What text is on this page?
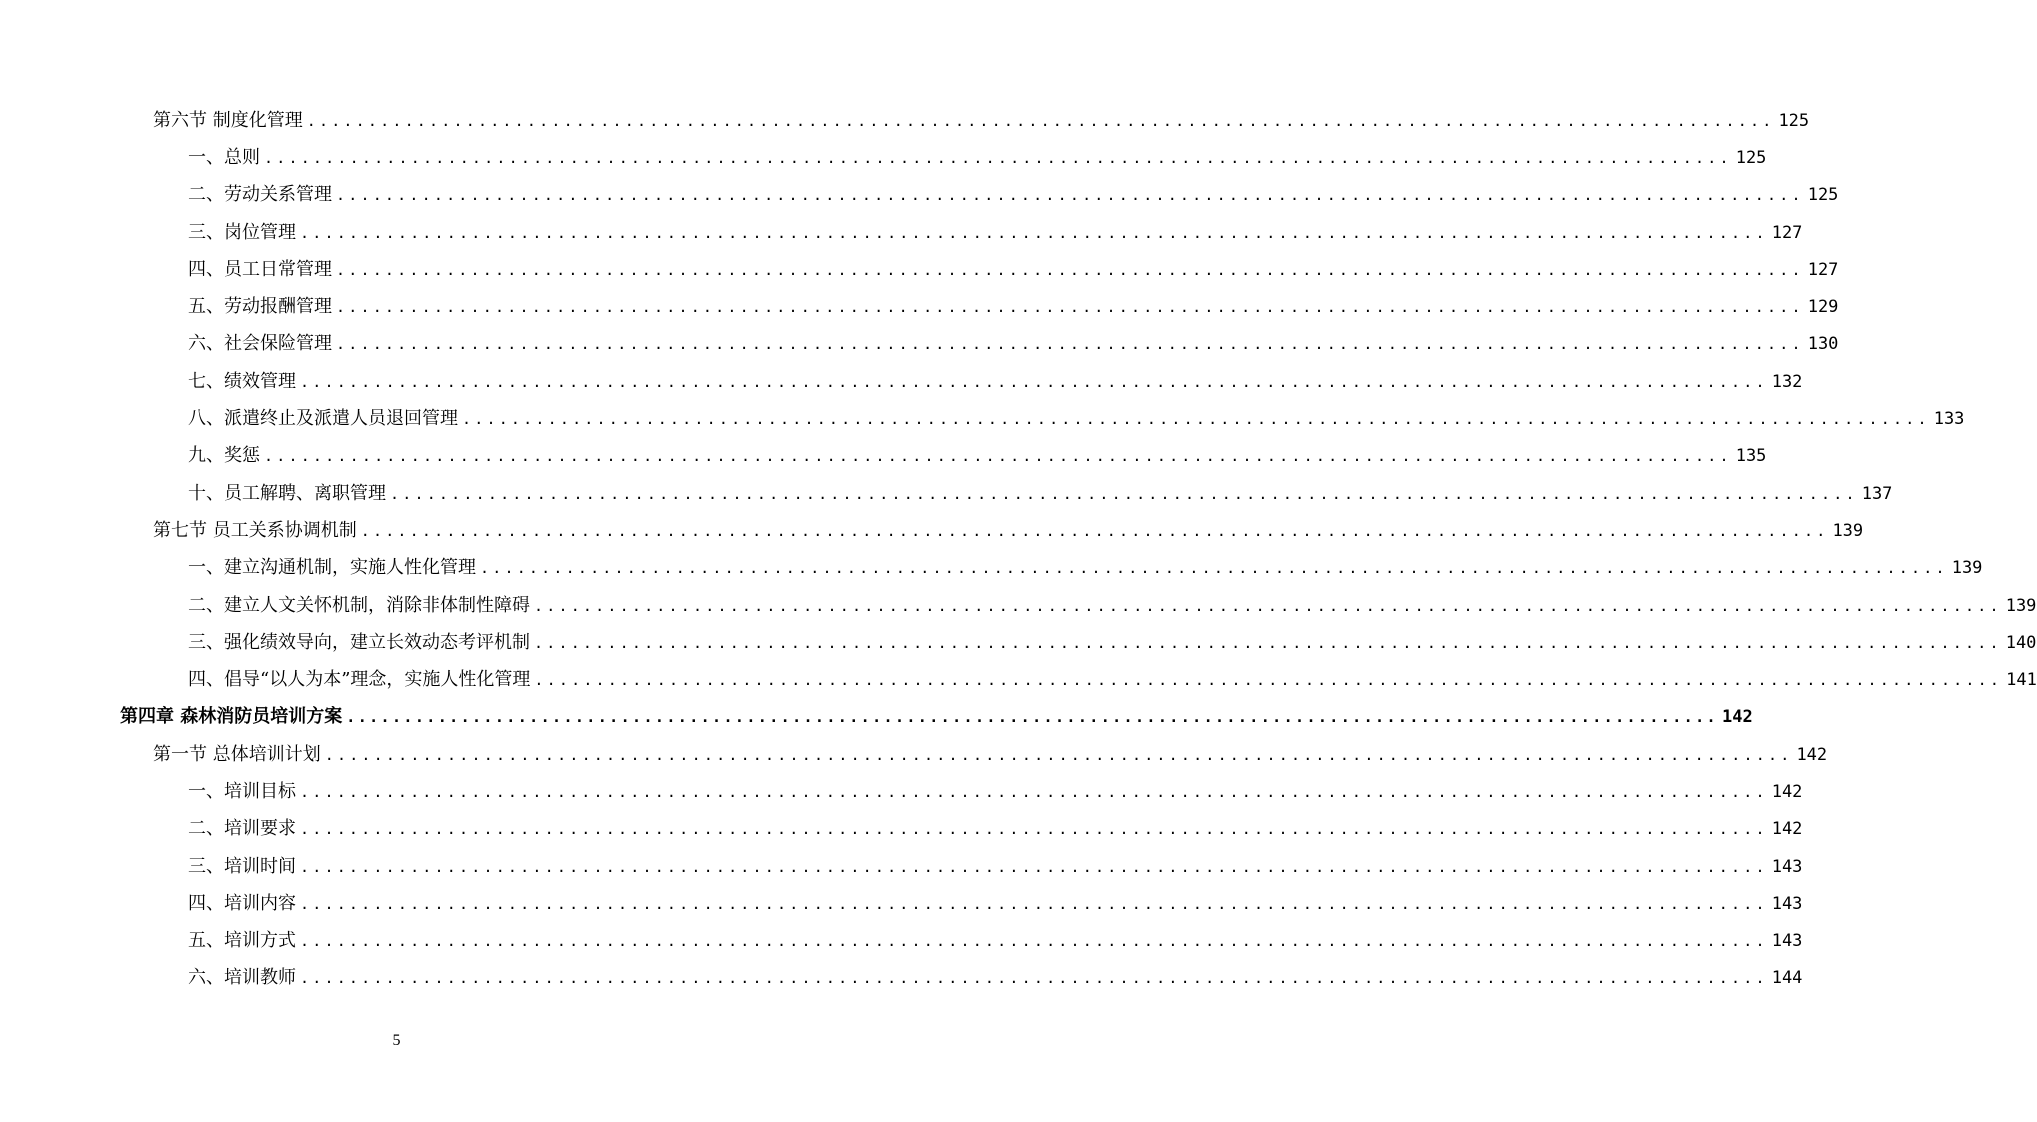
第六节 制度化管理 ........................................................................................................................ 125
一、总则 ........................................................................................................................ 125
二、劳动关系管理 ........................................................................................................................ 125
三、岗位管理 ........................................................................................................................ 127
四、员工日常管理 ........................................................................................................................ 127
五、劳动报酬管理 ........................................................................................................................ 129
六、社会保险管理 ........................................................................................................................ 130
七、绩效管理 ........................................................................................................................ 132
八、派遣终止及派遣人员退回管理 ........................................................................................................................ 133
九、奖惩 ........................................................................................................................ 135
十、员工解聘、离职管理 ........................................................................................................................ 137
第七节 员工关系协调机制 ........................................................................................................................ 139
一、建立沟通机制，实施人性化管理 ........................................................................................................................ 139
二、建立人文关怀机制，消除非体制性障碍 ........................................................................................................................ 139
三、强化绩效导向，建立长效动态考评机制 ........................................................................................................................ 140
四、倡导“以人为本”理念，实施人性化管理 ........................................................................................................................ 141
第四章 森林消防员培训方案 ........................................................................................................................ 142
第一节 总体培训计划 ........................................................................................................................ 142
一、培训目标 ........................................................................................................................ 142
二、培训要求 ........................................................................................................................ 142
三、培训时间 ........................................................................................................................ 143
四、培训内容 ........................................................................................................................ 143
五、培训方式 ........................................................................................................................ 143
六、培训教师 ........................................................................................................................ 144
5
